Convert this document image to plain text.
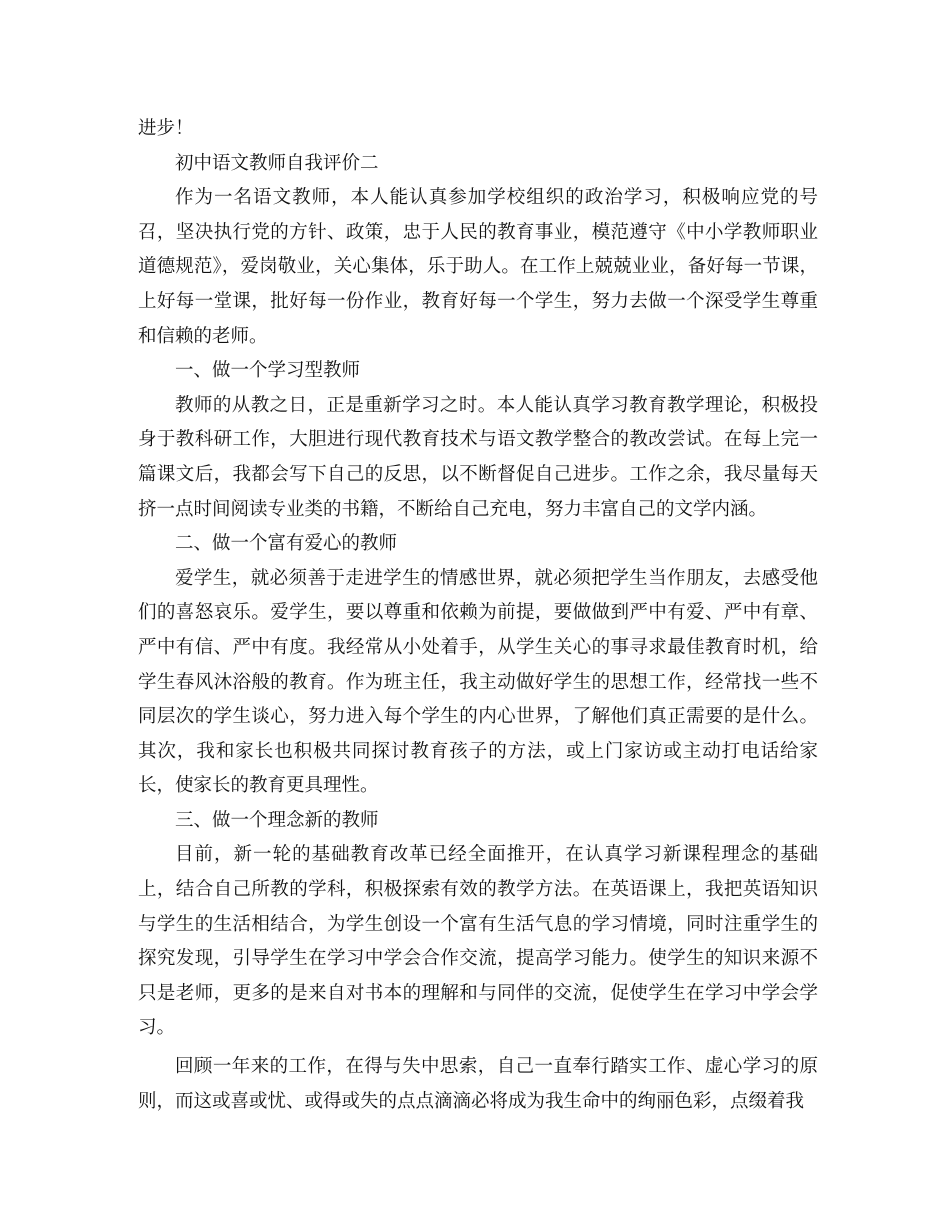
进步！

初中语文教师自我评价二

作为一名语文教师，本人能认真参加学校组织的政治学习，积极响应党的号召，坚决执行党的方针、政策，忠于人民的教育事业，模范遵守《中小学教师职业道德规范》，爱岗敬业，关心集体，乐于助人。在工作上兢兢业业，备好每一节课，上好每一堂课，批好每一份作业，教育好每一个学生，努力去做一个深受学生尊重和信赖的老师。

一、做一个学习型教师

教师的从教之日，正是重新学习之时。本人能认真学习教育教学理论，积极投身于教科研工作，大胆进行现代教育技术与语文教学整合的教改尝试。在每上完一篇课文后，我都会写下自己的反思，以不断督促自己进步。工作之余，我尽量每天挤一点时间阅读专业类的书籍，不断给自己充电，努力丰富自己的文学内涵。

二、做一个富有爱心的教师

爱学生，就必须善于走进学生的情感世界，就必须把学生当作朋友，去感受他们的喜怒哀乐。爱学生，要以尊重和依赖为前提，要做做到严中有爱、严中有章、严中有信、严中有度。我经常从小处着手，从学生关心的事寻求最佳教育时机，给学生春风沐浴般的教育。作为班主任，我主动做好学生的思想工作，经常找一些不同层次的学生谈心，努力进入每个学生的内心世界，了解他们真正需要的是什么。其次，我和家长也积极共同探讨教育孩子的方法，或上门家访或主动打电话给家长，使家长的教育更具理性。

三、做一个理念新的教师

目前，新一轮的基础教育改革已经全面推开，在认真学习新课程理念的基础上，结合自己所教的学科，积极探索有效的教学方法。在英语课上，我把英语知识与学生的生活相结合，为学生创设一个富有生活气息的学习情境，同时注重学生的探究发现，引导学生在学习中学会合作交流，提高学习能力。使学生的知识来源不只是老师，更多的是来自对书本的理解和与同伴的交流，促使学生在学习中学会学习。

回顾一年来的工作，在得与失中思索，自己一直奉行踏实工作、虚心学习的原则，而这或喜或忧、或得或失的点点滴滴必将成为我生命中的绚丽色彩，点缀着我
